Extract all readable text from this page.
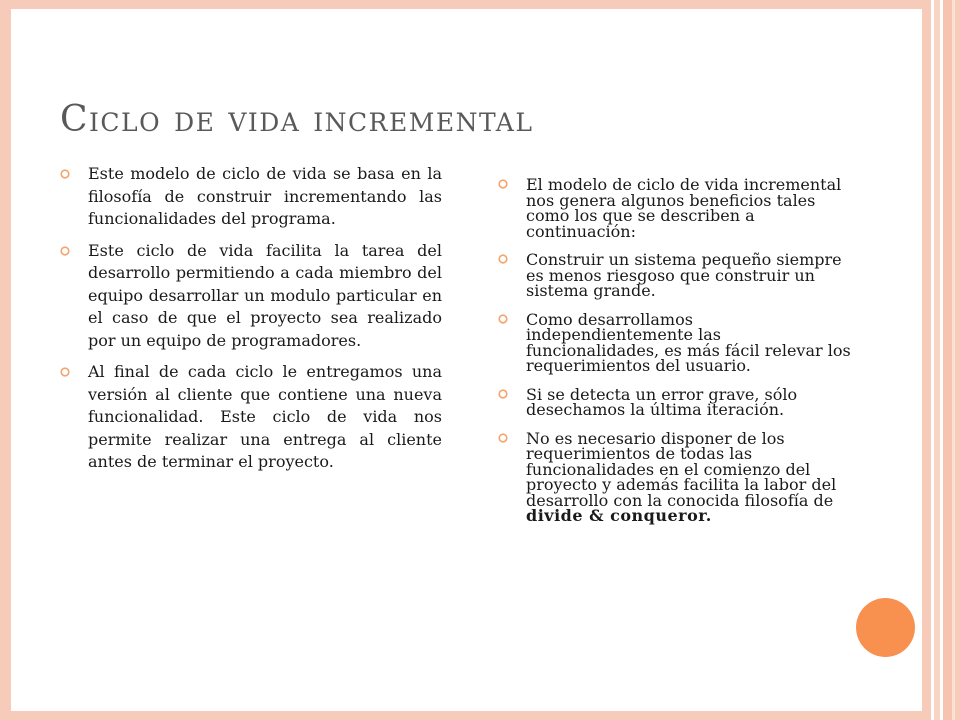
Ciclo de vida incremental
Este modelo de ciclo de vida se basa en la filosofía de construir incrementando las funcionalidades del programa.
Este ciclo de vida facilita la tarea del desarrollo permitiendo a cada miembro del equipo desarrollar un modulo particular en el caso de que el proyecto sea realizado por un equipo de programadores.
Al final de cada ciclo le entregamos una versión al cliente que contiene una nueva funcionalidad. Este ciclo de vida nos permite realizar una entrega al cliente antes de terminar el proyecto.
El modelo de ciclo de vida incremental nos genera algunos beneficios tales como los que se describen a continuación:
Construir un sistema pequeño siempre es menos riesgoso que construir un sistema grande.
Como desarrollamos independientemente las funcionalidades, es más fácil relevar los requerimientos del usuario.
Si se detecta un error grave, sólo desechamos la última iteración.
No es necesario disponer de los requerimientos de todas las funcionalidades en el comienzo del proyecto y además facilita la labor del desarrollo con la conocida filosofía de divide & conqueror.
